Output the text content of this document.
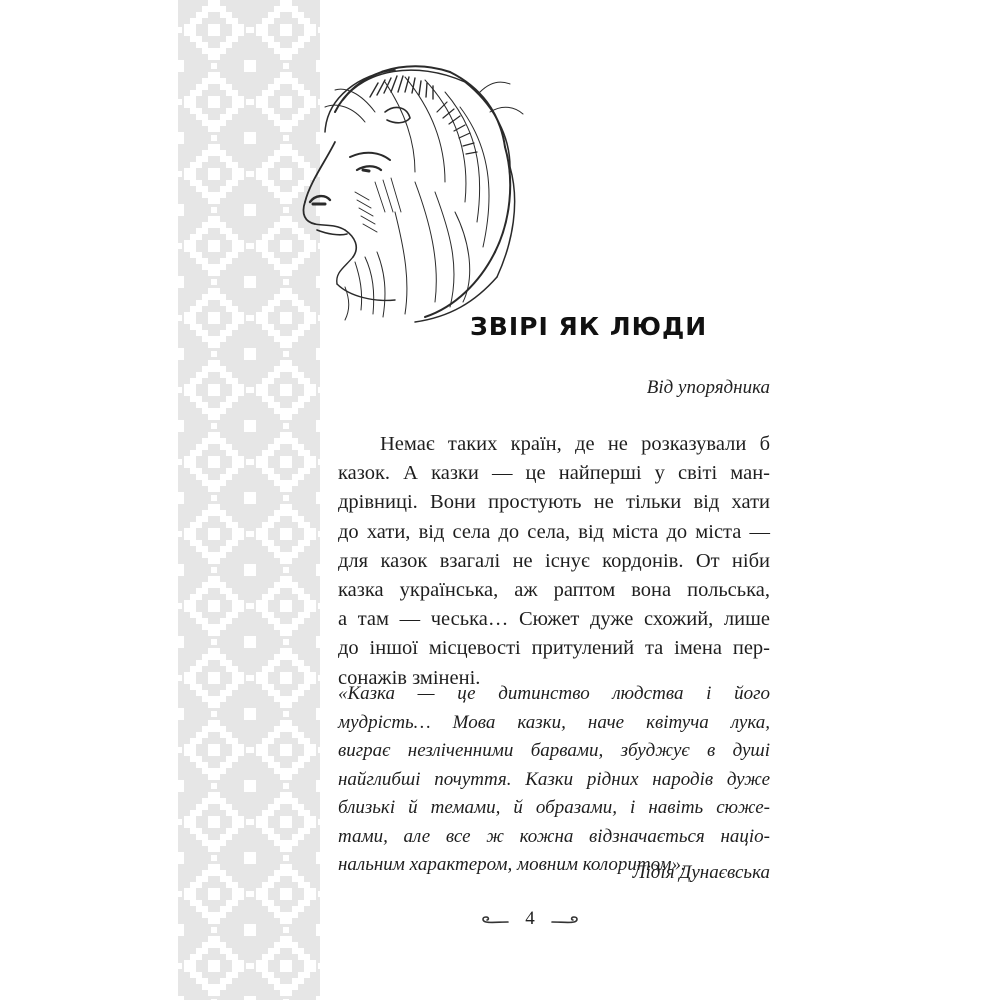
ЗВІРІ ЯК ЛЮДИ
Від упорядника
Немає таких країн, де не розказували б
казок. А казки — це найперші у світі ман-
дрівниці. Вони простують не тільки від хати
до хати, від села до села, від міста до міста —
для казок взагалі не існує кордонів. От ніби
казка українська, аж раптом вона польська,
а там — чеська… Сюжет дуже схожий, лише
до іншої місцевості притулений та імена пер-
сонажів змінені.
«Казка — це дитинство людства і його
мудрість… Мова казки, наче квітуча лука,
виграє незліченними барвами, збуджує в душі
найглибші почуття. Казки рідних народів дуже
близькі й темами, й образами, і навіть сюже-
тами, але все ж кожна відзначається націо-
нальним характером, мовним колоритом».
Лідія Дунаєвська
4
